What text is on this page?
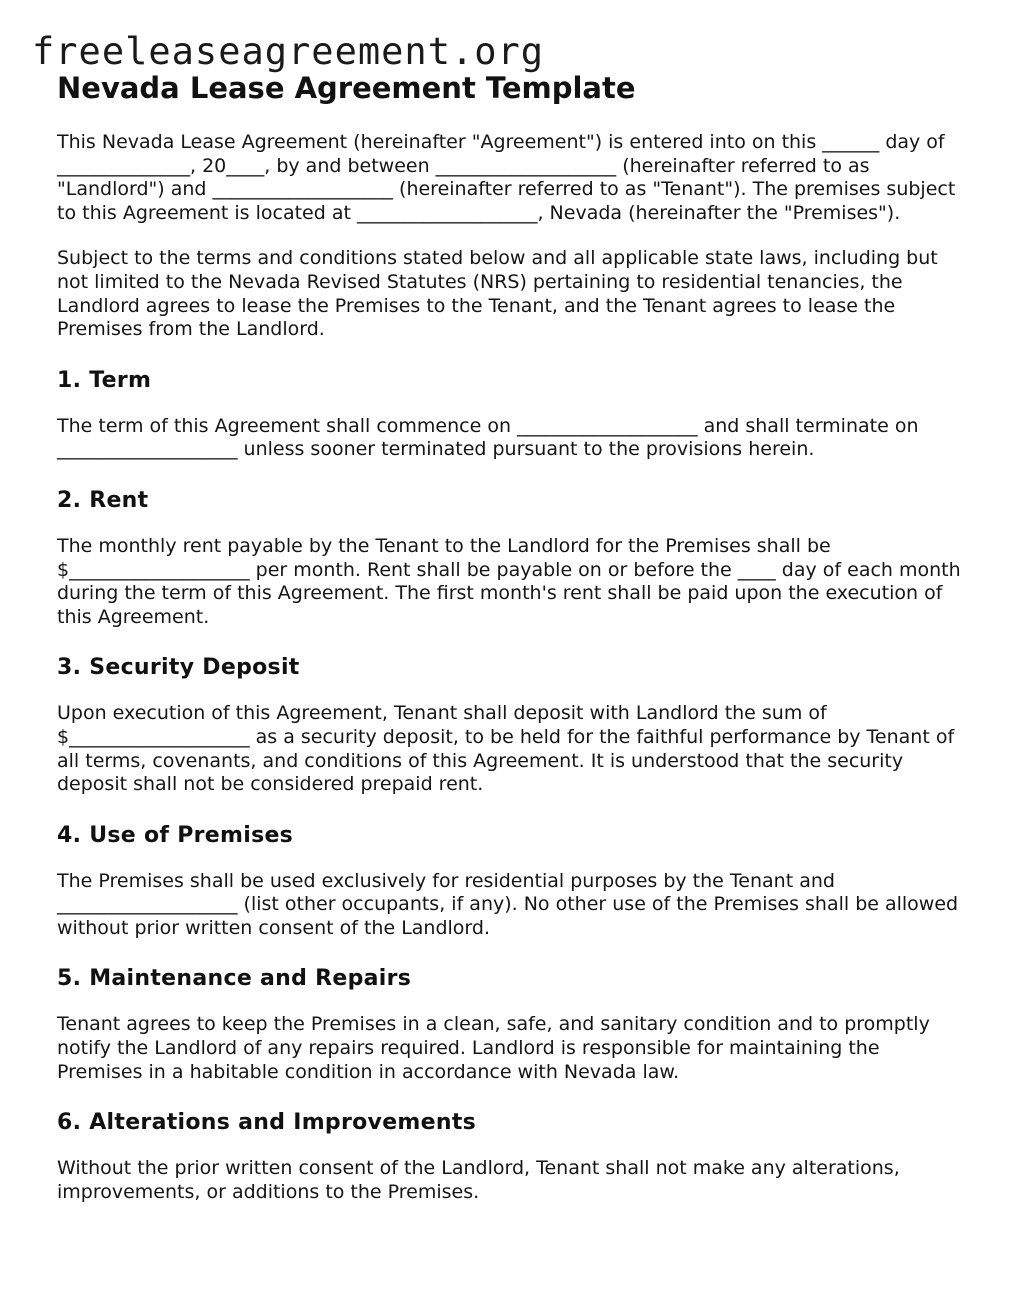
freeleaseagreement.org
Nevada Lease Agreement Template

This Nevada Lease Agreement (hereinafter "Agreement") is entered into on this ______ day of ______________, 20____, by and between ___________________ (hereinafter referred to as "Landlord") and ___________________ (hereinafter referred to as "Tenant"). The premises subject to this Agreement is located at ___________________, Nevada (hereinafter the "Premises").

Subject to the terms and conditions stated below and all applicable state laws, including but not limited to the Nevada Revised Statutes (NRS) pertaining to residential tenancies, the Landlord agrees to lease the Premises to the Tenant, and the Tenant agrees to lease the Premises from the Landlord.

1. Term

The term of this Agreement shall commence on ___________________ and shall terminate on ___________________ unless sooner terminated pursuant to the provisions herein.

2. Rent

The monthly rent payable by the Tenant to the Landlord for the Premises shall be $___________________ per month. Rent shall be payable on or before the ____ day of each month during the term of this Agreement. The first month's rent shall be paid upon the execution of this Agreement.

3. Security Deposit

Upon execution of this Agreement, Tenant shall deposit with Landlord the sum of $___________________ as a security deposit, to be held for the faithful performance by Tenant of all terms, covenants, and conditions of this Agreement. It is understood that the security deposit shall not be considered prepaid rent.

4. Use of Premises

The Premises shall be used exclusively for residential purposes by the Tenant and ___________________ (list other occupants, if any). No other use of the Premises shall be allowed without prior written consent of the Landlord.

5. Maintenance and Repairs

Tenant agrees to keep the Premises in a clean, safe, and sanitary condition and to promptly notify the Landlord of any repairs required. Landlord is responsible for maintaining the Premises in a habitable condition in accordance with Nevada law.

6. Alterations and Improvements

Without the prior written consent of the Landlord, Tenant shall not make any alterations, improvements, or additions to the Premises.
